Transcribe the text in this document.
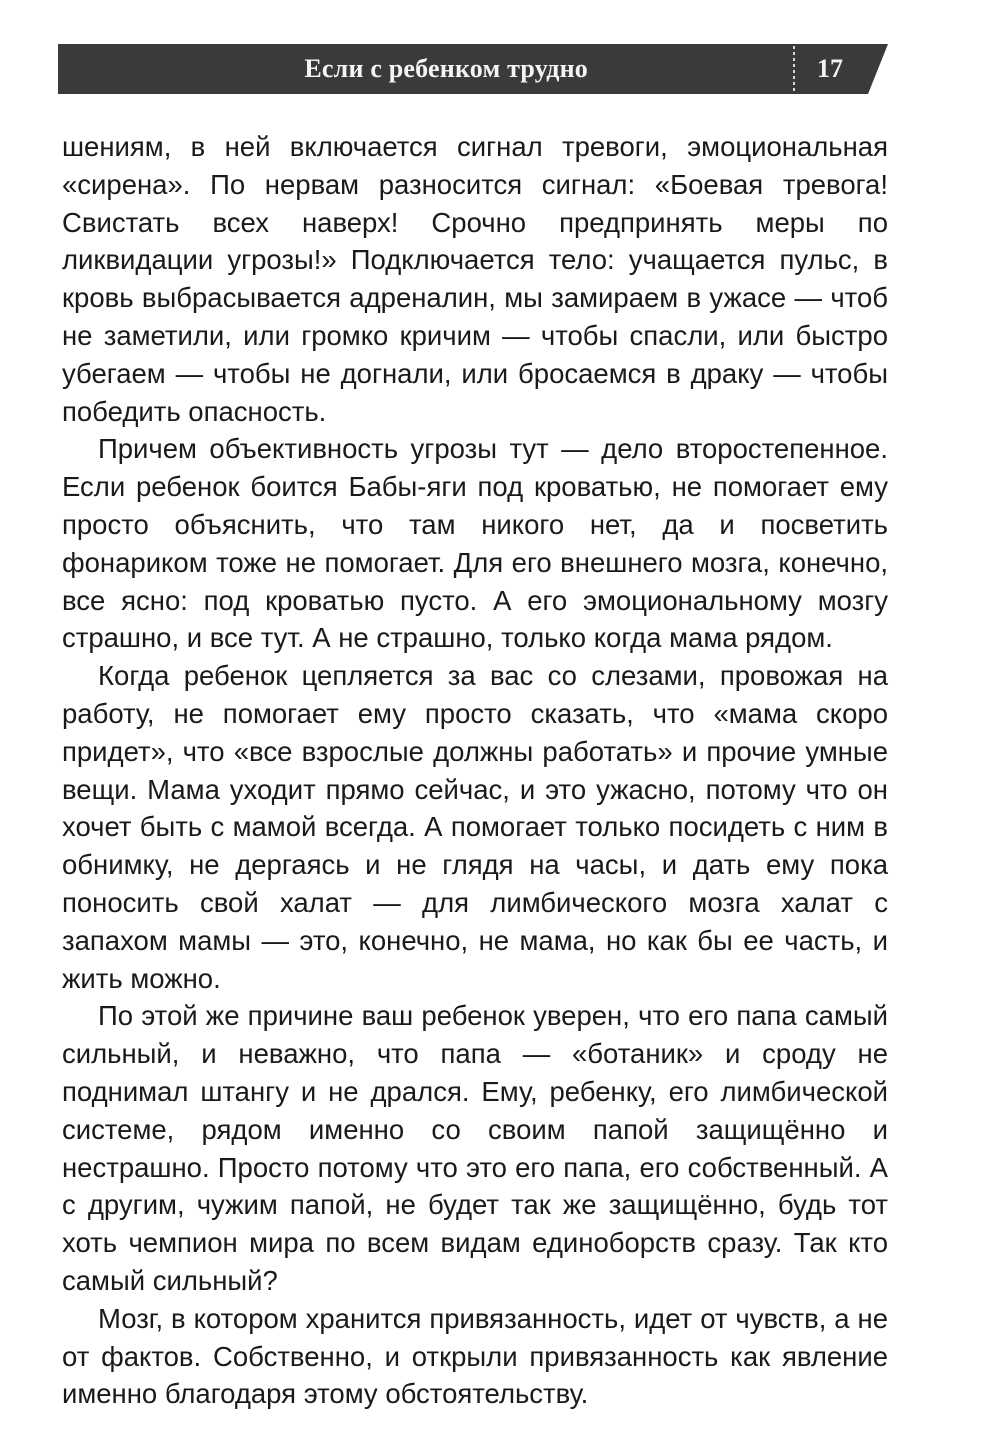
Если с ребенком трудно	17

шениям, в ней включается сигнал тревоги, эмоциональная «сирена». По нервам разносится сигнал: «Боевая тревога! Свистать всех наверх! Срочно предпринять меры по ликвидации угрозы!» Подключается тело: учащается пульс, в кровь выбрасывается адреналин, мы замираем в ужасе — чтоб не заметили, или громко кричим — чтобы спасли, или быстро убегаем — чтобы не догнали, или бросаемся в драку — чтобы победить опасность.

Причем объективность угрозы тут — дело второстепенное. Если ребенок боится Бабы-яги под кроватью, не помогает ему просто объяснить, что там никого нет, да и посветить фонариком тоже не помогает. Для его внешнего мозга, конечно, все ясно: под кроватью пусто. А его эмоциональному мозгу страшно, и все тут. А не страшно, только когда мама рядом.

Когда ребенок цепляется за вас со слезами, провожая на работу, не помогает ему просто сказать, что «мама скоро придет», что «все взрослые должны работать» и прочие умные вещи. Мама уходит прямо сейчас, и это ужасно, потому что он хочет быть с мамой всегда. А помогает только посидеть с ним в обнимку, не дергаясь и не глядя на часы, и дать ему пока поносить свой халат — для лимбического мозга халат с запахом мамы — это, конечно, не мама, но как бы ее часть, и жить можно.

По этой же причине ваш ребенок уверен, что его папа самый сильный, и неважно, что папа — «ботаник» и сроду не поднимал штангу и не дрался. Ему, ребенку, его лимбической системе, рядом именно со своим папой защищённо и нестрашно. Просто потому что это его папа, его собственный. А с другим, чужим папой, не будет так же защищённо, будь тот хоть чемпион мира по всем видам единоборств сразу. Так кто самый сильный?

Мозг, в котором хранится привязанность, идет от чувств, а не от фактов. Собственно, и открыли привязанность как явление именно благодаря этому обстоятельству.
